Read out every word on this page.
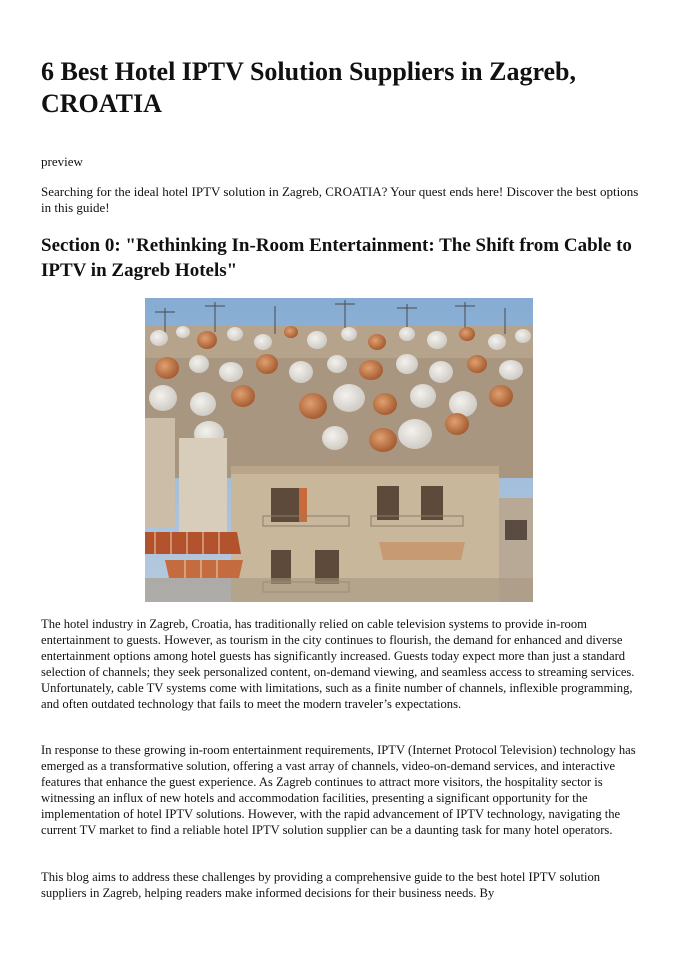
6 Best Hotel IPTV Solution Suppliers in Zagreb, CROATIA
preview

Searching for the ideal hotel IPTV solution in Zagreb, CROATIA? Your quest ends here! Discover the best options in this guide!

Section 0: "Rethinking In-Room Entertainment: The Shift from Cable to IPTV in Zagreb Hotels"

The hotel industry in Zagreb, Croatia, has traditionally relied on cable television systems to provide in-room entertainment to guests. However, as tourism in the city continues to flourish, the demand for enhanced and diverse entertainment options among hotel guests has significantly increased. Guests today expect more than just a standard selection of channels; they seek personalized content, on-demand viewing, and seamless access to streaming services. Unfortunately, cable TV systems come with limitations, such as a finite number of channels, inflexible programming, and often outdated technology that fails to meet the modern traveler’s expectations.

In response to these growing in-room entertainment requirements, IPTV (Internet Protocol Television) technology has emerged as a transformative solution, offering a vast array of channels, video-on-demand services, and interactive features that enhance the guest experience. As Zagreb continues to attract more visitors, the hospitality sector is witnessing an influx of new hotels and accommodation facilities, presenting a significant opportunity for the implementation of hotel IPTV solutions. However, with the rapid advancement of IPTV technology, navigating the current TV market to find a reliable hotel IPTV solution supplier can be a daunting task for many hotel operators.

This blog aims to address these challenges by providing a comprehensive guide to the best hotel IPTV solution suppliers in Zagreb, helping readers make informed decisions for their business needs. By
